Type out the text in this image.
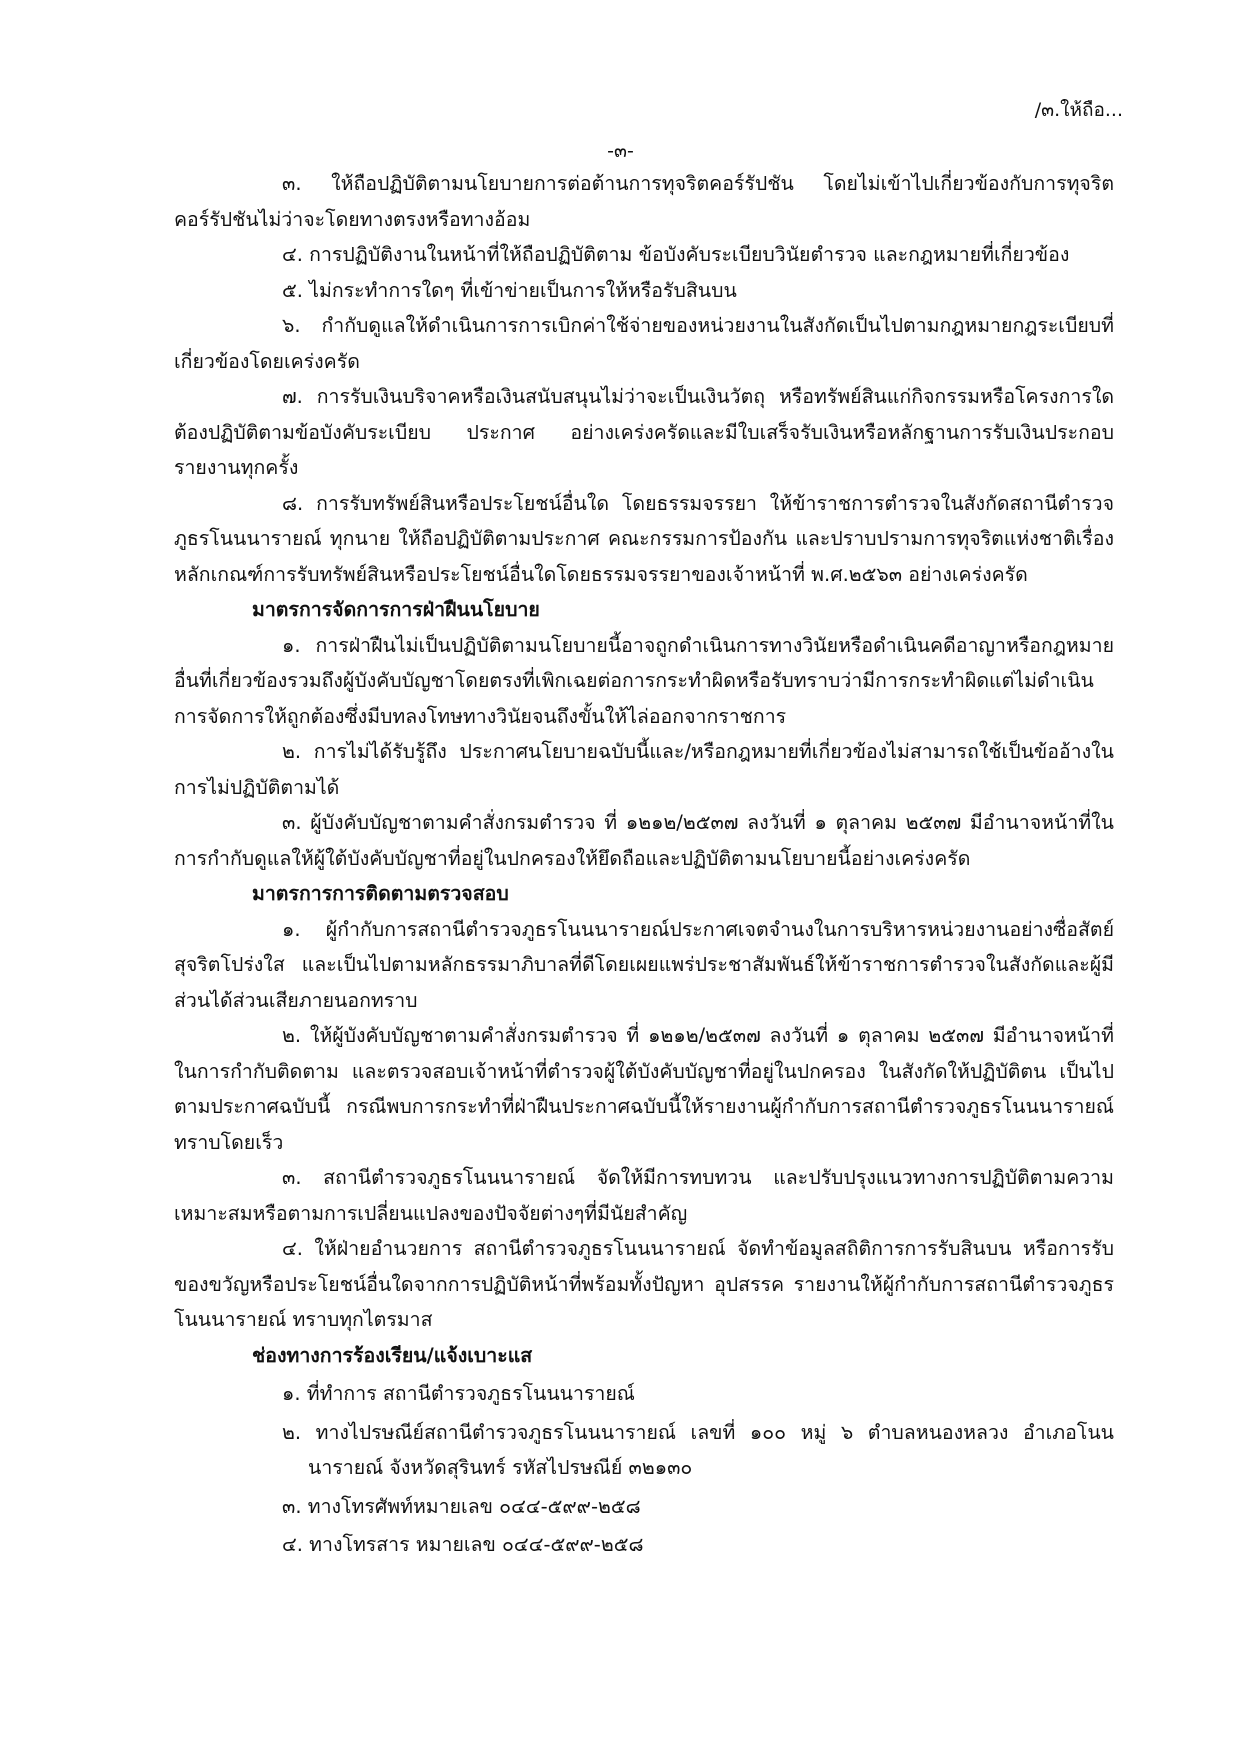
/๓.ให้ถือ...
-๓-

๓. ให้ถือปฏิบัติตามนโยบายการต่อต้านการทุจริตคอร์รัปชัน โดยไม่เข้าไปเกี่ยวข้องกับการทุจริตคอร์รัปชันไม่ว่าจะโดยทางตรงหรือทางอ้อม

๔. การปฏิบัติงานในหน้าที่ให้ถือปฏิบัติตาม ข้อบังคับระเบียบวินัยตำรวจ และกฎหมายที่เกี่ยวข้อง

๕. ไม่กระทำการใดๆ ที่เข้าข่ายเป็นการให้หรือรับสินบน

๖. กำกับดูแลให้ดำเนินการการเบิกค่าใช้จ่ายของหน่วยงานในสังกัดเป็นไปตามกฎหมายกฎระเบียบที่เกี่ยวข้องโดยเคร่งครัด

๗. การรับเงินบริจาคหรือเงินสนับสนุนไม่ว่าจะเป็นเงินวัตถุ หรือทรัพย์สินแก่กิจกรรมหรือโครงการใด ต้องปฏิบัติตามข้อบังคับระเบียบ ประกาศ อย่างเคร่งครัดและมีใบเสร็จรับเงินหรือหลักฐานการรับเงินประกอบรายงานทุกครั้ง

๘. การรับทรัพย์สินหรือประโยชน์อื่นใด โดยธรรมจรรยา ให้ข้าราชการตำรวจในสังกัดสถานีตำรวจภูธรโนนนารายณ์ ทุกนาย ให้ถือปฏิบัติตามประกาศ คณะกรรมการป้องกัน และปราบปรามการทุจริตแห่งชาติเรื่องหลักเกณฑ์การรับทรัพย์สินหรือประโยชน์อื่นใดโดยธรรมจรรยาของเจ้าหน้าที่ พ.ศ.๒๕๖๓ อย่างเคร่งครัด

มาตรการจัดการการฝ่าฝืนนโยบาย

๑. การฝ่าฝืนไม่เป็นปฏิบัติตามนโยบายนี้อาจถูกดำเนินการทางวินัยหรือดำเนินคดีอาญาหรือกฎหมาย อื่นที่เกี่ยวข้องรวมถึงผู้บังคับบัญชาโดยตรงที่เพิกเฉยต่อการกระทำผิดหรือรับทราบว่ามีการกระทำผิดแต่ไม่ดำเนินการจัดการให้ถูกต้องซึ่งมีบทลงโทษทางวินัยจนถึงขั้นให้ไล่ออกจากราชการ

๒. การไม่ได้รับรู้ถึง ประกาศนโยบายฉบับนี้และ/หรือกฎหมายที่เกี่ยวข้องไม่สามารถใช้เป็นข้ออ้างในการไม่ปฏิบัติตามได้

๓. ผู้บังคับบัญชาตามคำสั่งกรมตำรวจ ที่ ๑๒๑๒/๒๕๓๗ ลงวันที่ ๑ ตุลาคม ๒๕๓๗ มีอำนาจหน้าที่ในการกำกับดูแลให้ผู้ใต้บังคับบัญชาที่อยู่ในปกครองให้ยึดถือและปฏิบัติตามนโยบายนี้อย่างเคร่งครัด

มาตรการการติดตามตรวจสอบ

๑. ผู้กำกับการสถานีตำรวจภูธรโนนนารายณ์ประกาศเจตจำนงในการบริหารหน่วยงานอย่างซื่อสัตย์สุจริตโปร่งใส และเป็นไปตามหลักธรรมาภิบาลที่ดีโดยเผยแพร่ประชาสัมพันธ์ให้ข้าราชการตำรวจในสังกัดและผู้มีส่วนได้ส่วนเสียภายนอกทราบ

๒. ให้ผู้บังคับบัญชาตามคำสั่งกรมตำรวจ ที่ ๑๒๑๒/๒๕๓๗ ลงวันที่ ๑ ตุลาคม ๒๕๓๗ มีอำนาจหน้าที่ในการกำกับติดตาม และตรวจสอบเจ้าหน้าที่ตำรวจผู้ใต้บังคับบัญชาที่อยู่ในปกครอง ในสังกัดให้ปฏิบัติตน เป็นไปตามประกาศฉบับนี้ กรณีพบการกระทำที่ฝ่าฝืนประกาศฉบับนี้ให้รายงานผู้กำกับการสถานีตำรวจภูธรโนนนารายณ์ ทราบโดยเร็ว

๓. สถานีตำรวจภูธรโนนนารายณ์ จัดให้มีการทบทวน และปรับปรุงแนวทางการปฏิบัติตามความเหมาะสมหรือตามการเปลี่ยนแปลงของปัจจัยต่างๆที่มีนัยสำคัญ

๔. ให้ฝ่ายอำนวยการ สถานีตำรวจภูธรโนนนารายณ์ จัดทำข้อมูลสถิติการการรับสินบน หรือการรับของขวัญหรือประโยชน์อื่นใดจากการปฏิบัติหน้าที่พร้อมทั้งปัญหา อุปสรรค รายงานให้ผู้กำกับการสถานีตำรวจภูธรโนนนารายณ์ ทราบทุกไตรมาส

ช่องทางการร้องเรียน/แจ้งเบาะแส

๑. ที่ทำการ สถานีตำรวจภูธรโนนนารายณ์

๒. ทางไปรษณีย์สถานีตำรวจภูธรโนนนารายณ์ เลขที่ ๑๐๐ หมู่ ๖ ตำบลหนองหลวง อำเภอโนนนารายณ์ จังหวัดสุรินทร์ รหัสไปรษณีย์ ๓๒๑๓๐

๓. ทางโทรศัพท์หมายเลข ๐๔๔-๕๙๙-๒๕๘

๔. ทางโทรสาร หมายเลข ๐๔๔-๕๙๙-๒๕๘
